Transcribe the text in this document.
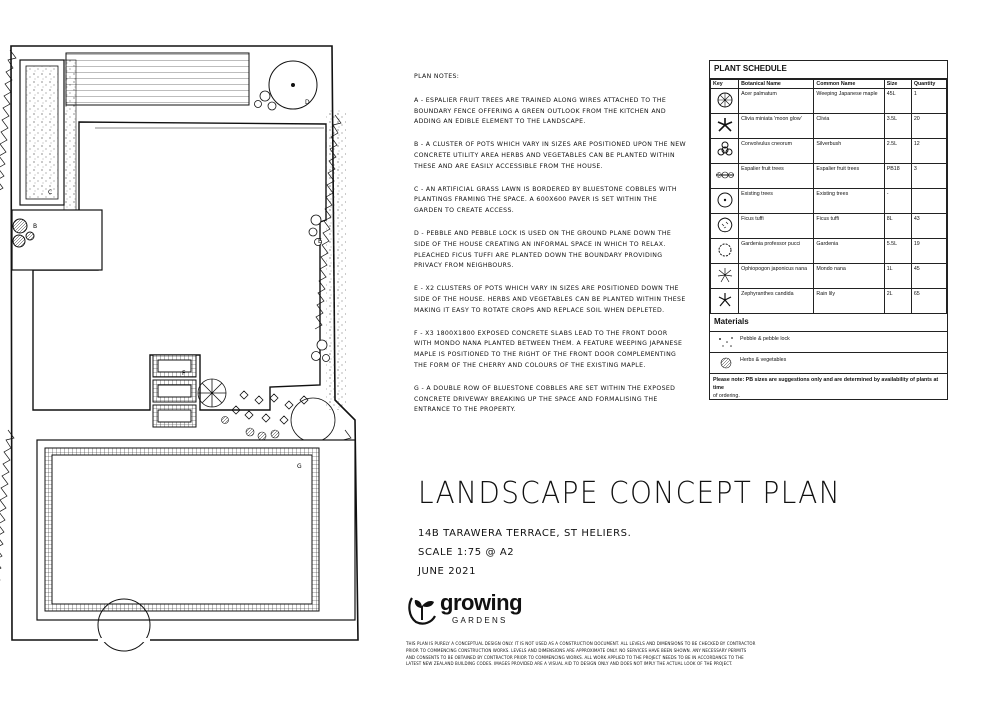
C
B
D
E
F
G
PLAN NOTES:
A - ESPALIER FRUIT TREES ARE TRAINED ALONG WIRES ATTACHED TO THE BOUNDARY FENCE OFFERING A GREEN OUTLOOK FROM THE KITCHEN AND ADDING AN EDIBLE ELEMENT TO THE LANDSCAPE.
B - A CLUSTER OF POTS WHICH VARY IN SIZES ARE POSITIONED UPON THE NEW CONCRETE UTILITY AREA HERBS AND VEGETABLES CAN BE PLANTED WITHIN THESE AND ARE EASILY ACCESSIBLE FROM THE HOUSE.
C - AN ARTIFICIAL GRASS LAWN IS BORDERED BY BLUESTONE COBBLES WITH PLANTINGS FRAMING THE SPACE. A 600X600 PAVER IS SET WITHIN THE GARDEN TO CREATE ACCESS.
D - PEBBLE AND PEBBLE LOCK IS USED ON THE GROUND PLANE DOWN THE SIDE OF THE HOUSE CREATING AN INFORMAL SPACE IN WHICH TO RELAX. PLEACHED FICUS TUFFI ARE PLANTED DOWN THE BOUNDARY PROVIDING PRIVACY FROM NEIGHBOURS.
E - X2 CLUSTERS OF POTS WHICH VARY IN SIZES ARE POSITIONED DOWN THE SIDE OF THE HOUSE. HERBS AND VEGETABLES CAN BE PLANTED WITHIN THESE MAKING IT EASY TO ROTATE CROPS AND REPLACE SOIL WHEN DEPLETED.
F - X3 1800X1800 EXPOSED CONCRETE SLABS LEAD TO THE FRONT DOOR WITH MONDO NANA PLANTED BETWEEN THEM. A FEATURE WEEPING JAPANESE MAPLE IS POSITIONED TO THE RIGHT OF THE FRONT DOOR COMPLEMENTING THE FORM OF THE CHERRY AND COLOURS OF THE EXISTING MAPLE.
G - A DOUBLE ROW OF BLUESTONE COBBLES ARE SET WITHIN THE EXPOSED CONCRETE DRIVEWAY BREAKING UP THE SPACE AND FORMALISING THE ENTRANCE TO THE PROPERTY.
PLANT SCHEDULE
Key	Botanical Name	Common Name	Size	Quantity
	Acer palmatum	Weeping Japanese maple	45L	1
	Clivia miniata 'moon glow'	Clivia	3.5L	20
	Convolvulus cneorum	Silverbush	2.5L	12
	Espalier fruit trees	Espalier fruit trees	PB18	3
	Existing trees	Existing trees	-	
	Ficus tuffi	Ficus tuffi	8L	43
	Gardenia professor pucci	Gardenia	5.5L	19
	Ophiopogon japonicus nana	Mondo nana	1L	45
	Zephyranthes candida	Rain lily	2L	65
Materials
Pebble & pebble lock
Herbs & vegetables
Please note: PB sizes are suggestions only and are determined by availability of plants at time
of ordering.
LANDSCAPE CONCEPT PLAN
14B TARAWERA TERRACE, ST HELIERS.
SCALE 1:75 @ A2
JUNE 2021
growing
GARDENS
THIS PLAN IS PURELY A CONCEPTUAL DESIGN ONLY. IT IS NOT USED AS A CONSTRUCTION DOCUMENT. ALL LEVELS AND DIMENSIONS TO BE CHECKED BY CONTRACTOR PRIOR TO COMMENCING CONSTRUCTION WORKS. LEVELS AND DIMENSIONS ARE APPROXIMATE ONLY. NO SERVICES HAVE BEEN SHOWN. ANY NECESSARY PERMITS AND CONSENTS TO BE OBTAINED BY CONTRACTOR PRIOR TO COMMENCING WORKS. ALL WORK APPLIED TO THE PROJECT NEEDS TO BE IN ACCORDANCE TO THE LATEST NEW ZEALAND BUILDING CODES. IMAGES PROVIDED ARE A VISUAL AID TO DESIGN ONLY AND DOES NOT IMPLY THE ACTUAL LOOK OF THE PROJECT.
